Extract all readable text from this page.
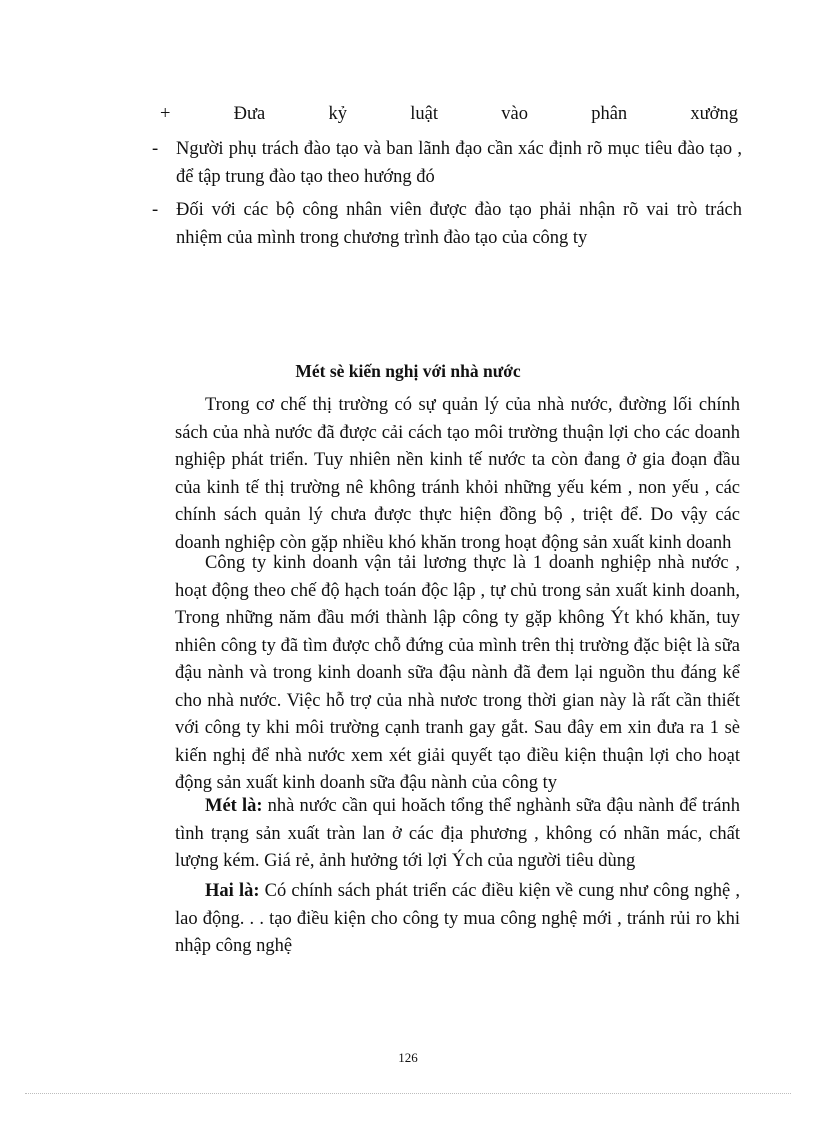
+	Đưa	kỷ	luật	vào	phân	xưởng
- Người phụ trách đào tạo và ban lãnh đạo cần xác định rõ mục tiêu đào tạo , để tập trung đào tạo theo hướng đó
- Đối với các bộ công nhân viên được đào tạo phải nhận rõ vai trò trách nhiệm của mình trong chương trình đào tạo của công ty
Mét sè kiến nghị với nhà nước
Trong cơ chế thị trường có sự quản lý của nhà nước, đường lối chính sách của nhà nước đã được cải cách tạo môi trường thuận lợi cho các doanh nghiệp phát triển. Tuy nhiên nền kinh tế nước ta còn đang ở gia đoạn đầu của kinh tế thị trường nê không tránh khỏi những yếu kém , non yếu , các chính sách quản lý chưa được thực hiện đồng bộ , triệt để. Do vậy các doanh nghiệp còn gặp nhiều khó khăn trong hoạt động sản xuất kinh doanh
Công ty kinh doanh vận tải lương thực là 1 doanh nghiệp nhà nước , hoạt động theo chế độ hạch toán độc lập , tự chủ trong sản xuất kinh doanh, Trong những năm đầu mới thành lập công ty gặp không Ýt khó khăn, tuy nhiên công ty đã tìm được chỗ đứng của mình trên thị trường đặc biệt là sữa đậu nành và trong kinh doanh sữa đậu nành đã đem lại nguồn thu đáng kể cho nhà nước. Việc hỗ trợ của nhà nươc trong thời gian này là rất cần thiết với công ty khi môi trường cạnh tranh gay gắt. Sau đây em xin đưa ra 1 sè kiến nghị để nhà nước xem xét giải quyết tạo điều kiện thuận lợi cho hoạt động sản xuất kinh doanh sữa đậu nành của công ty
Mét là: nhà nước cần qui hoăch tổng thể nghành sữa đậu nành để tránh tình trạng sản xuất tràn lan ở các địa phương , không có nhãn mác, chất lượng kém. Giá rẻ, ảnh hưởng tới lợi Ých của người tiêu dùng
Hai là: Có chính sách phát triển các điều kiện về cung như công nghệ , lao động. . . tạo điều kiện cho công ty mua công nghệ mới , tránh rủi ro khi nhập công nghệ
126
